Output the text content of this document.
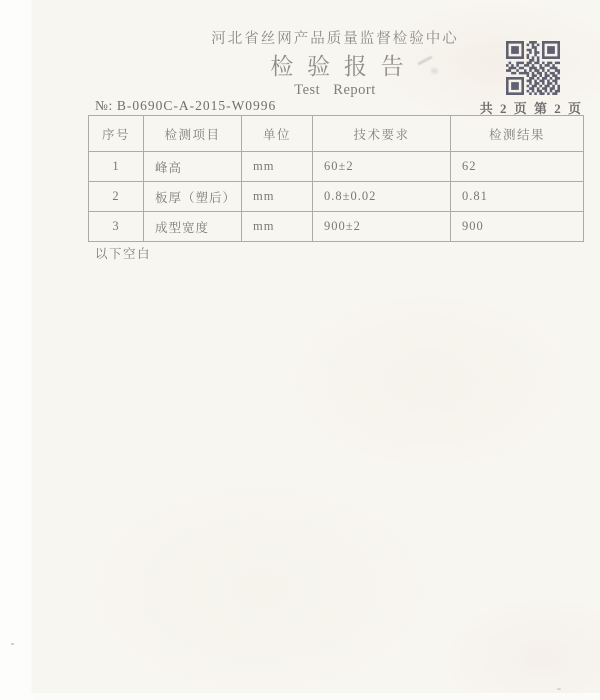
河北省丝网产品质量监督检验中心
检 验 报 告
Test Report
№: B-0690C-A-2015-W0996	共 2 页 第 2 页
序号	检测项目	单位	技术要求	检测结果
1	峰高	mm	60±2	62
2	板厚（塑后）	mm	0.8±0.02	0.81
3	成型宽度	mm	900±2	900
以下空白
